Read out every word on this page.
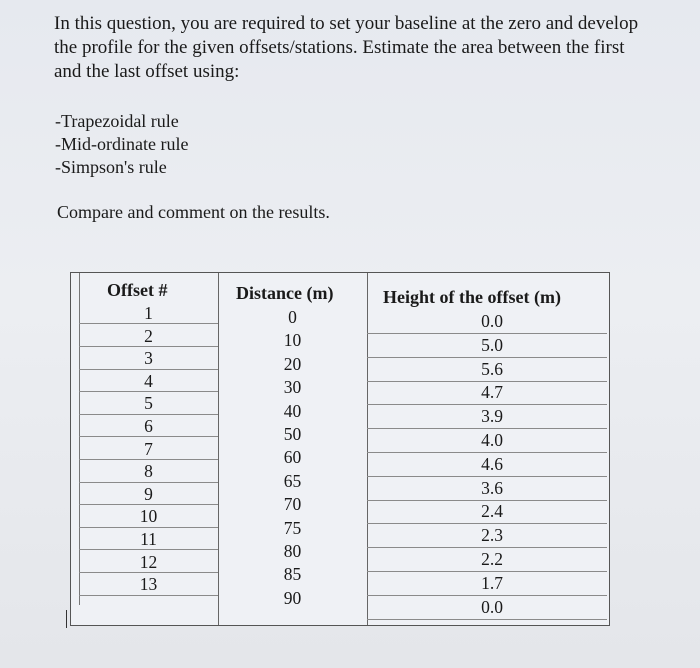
In this question, you are required to set your baseline at the zero and develop the profile for the given offsets/stations. Estimate the area between the first and the last offset using:

-Trapezoidal rule
-Mid-ordinate rule
-Simpson's rule

Compare and comment on the results.

Offset #
1
2
3
4
5
6
7
8
9
10
11
12
13
Distance (m)
0
10
20
30
40
50
60
65
70
75
80
85
90
Height of the offset (m)
0.0
5.0
5.6
4.7
3.9
4.0
4.6
3.6
2.4
2.3
2.2
1.7
0.0
